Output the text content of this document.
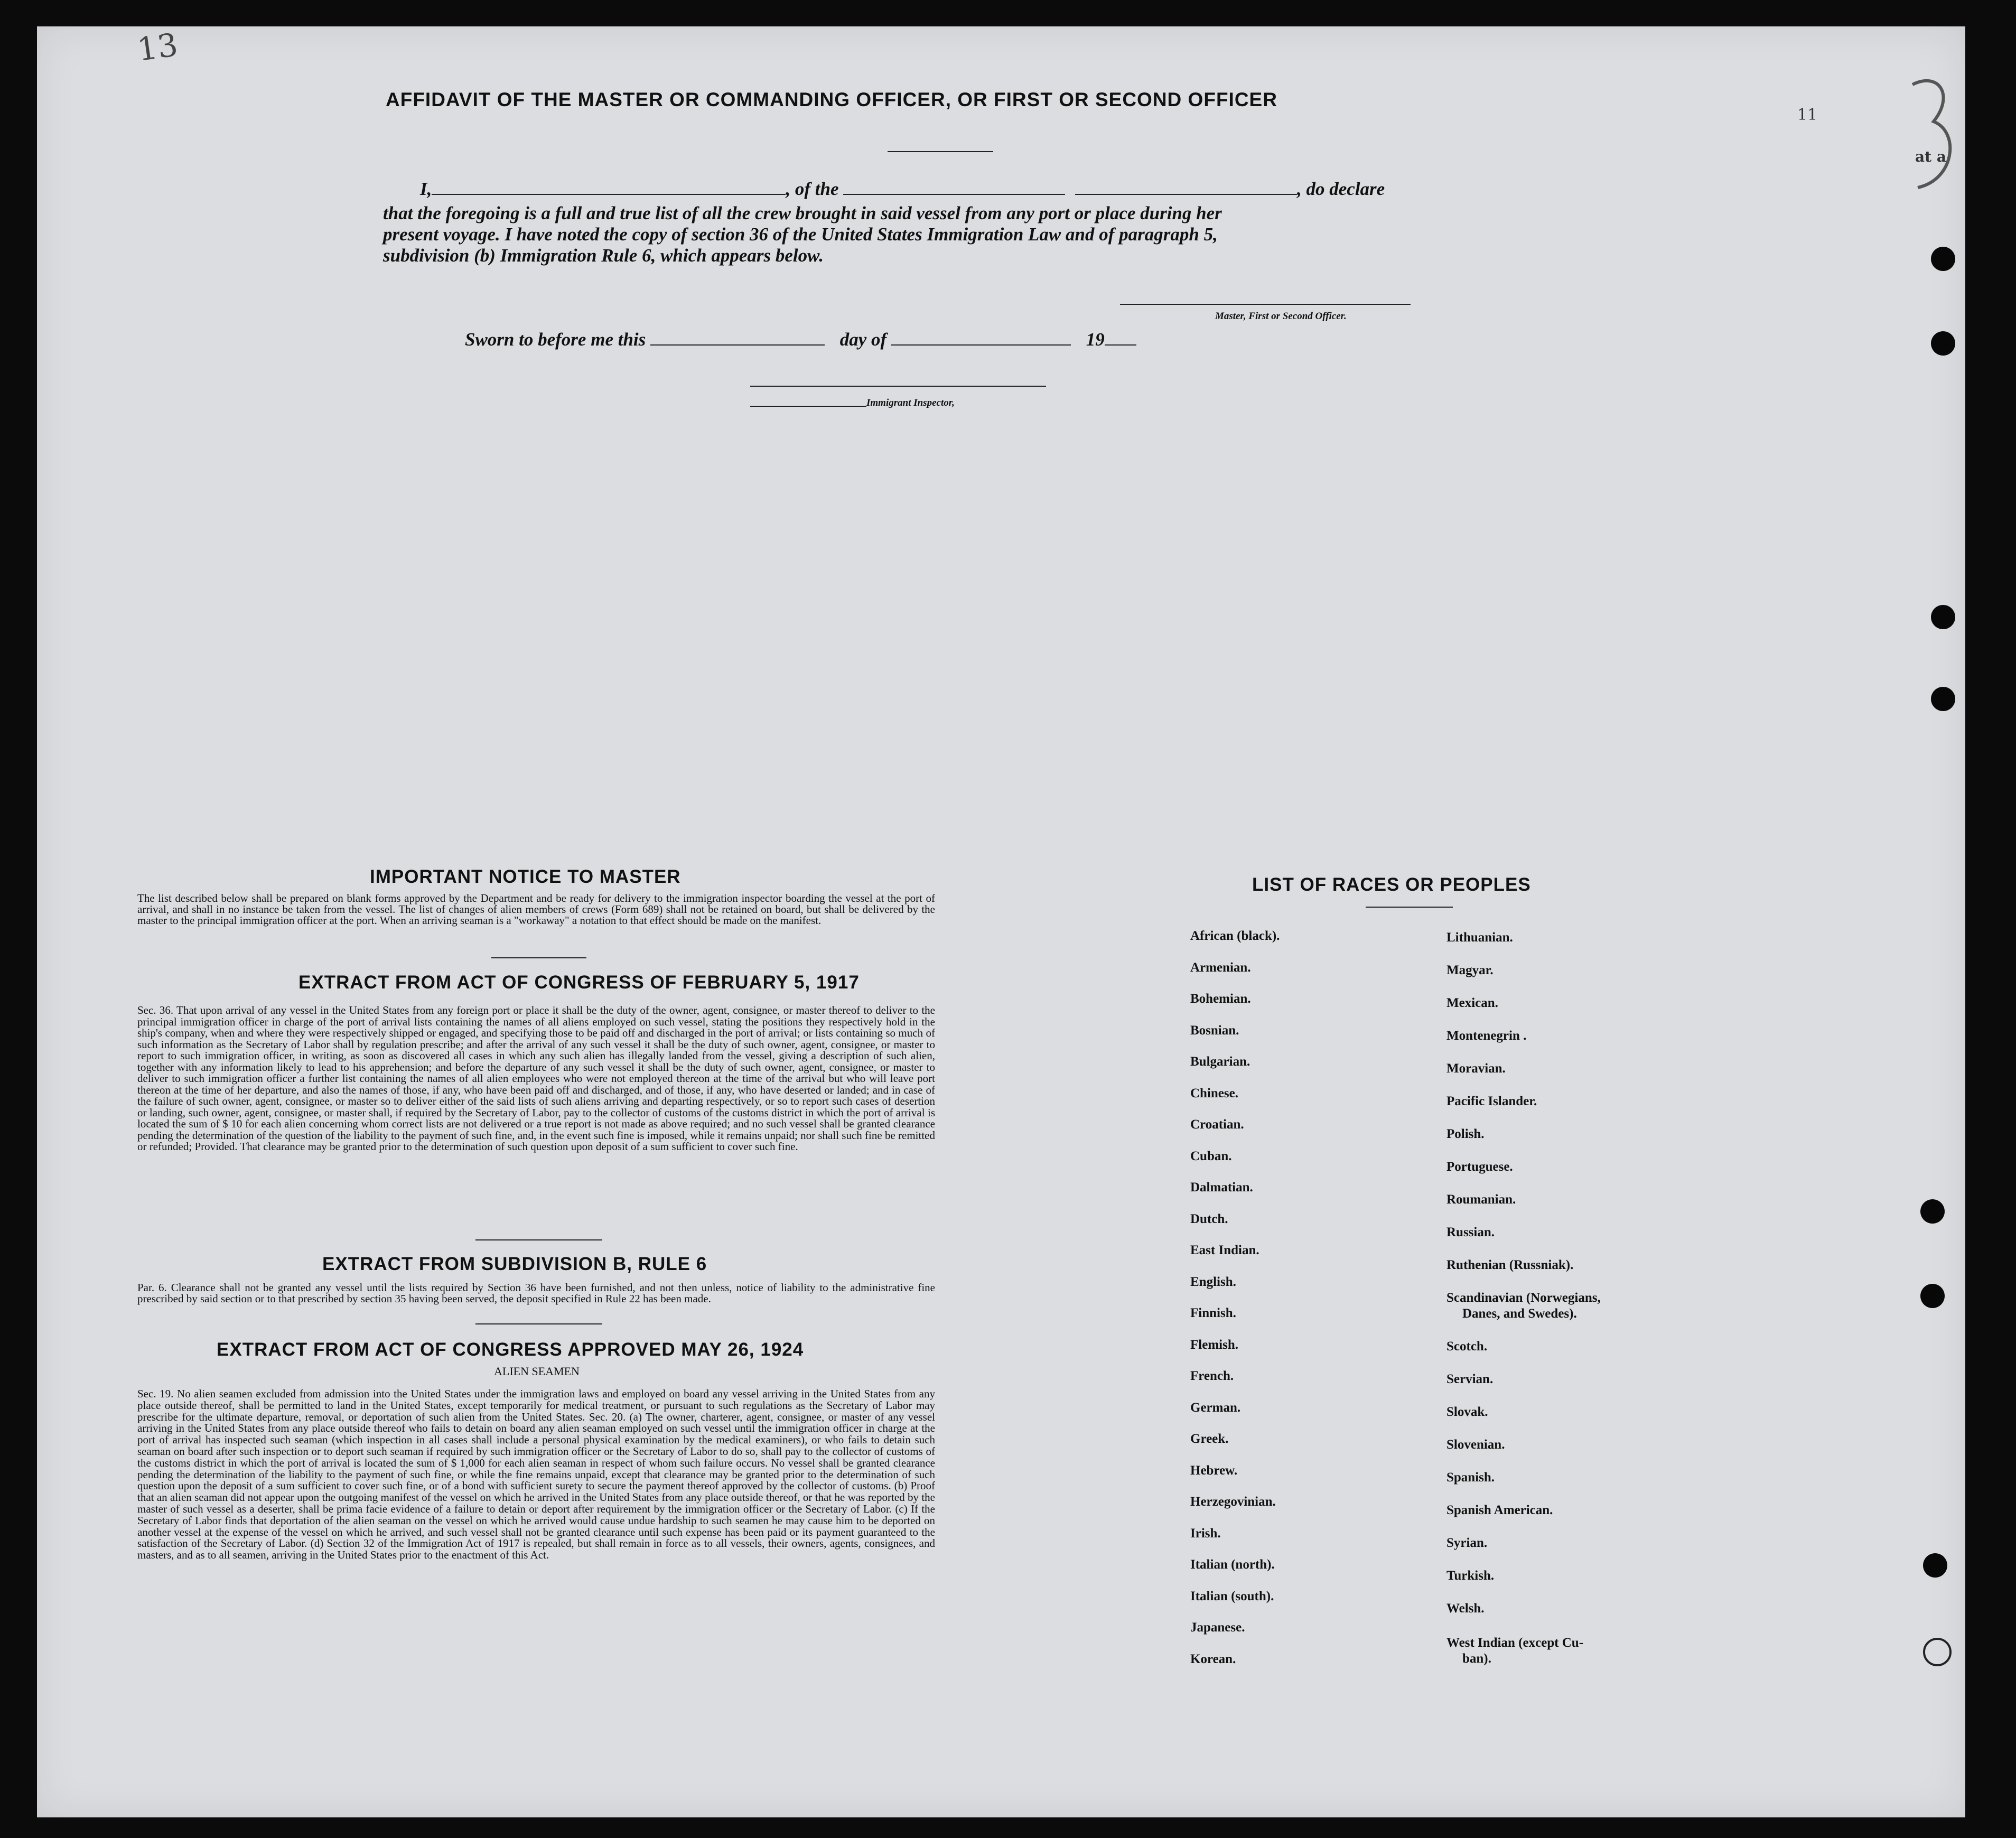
13
11
at a
AFFIDAVIT OF THE MASTER OR COMMANDING OFFICER, OR FIRST OR SECOND OFFICER
I,	, of the	, do declare
that the foregoing is a full and true list of all the crew brought in said vessel from any port or place during her
present voyage. I have noted the copy of section 36 of the United States Immigration Law and of paragraph 5,
subdivision (b) Immigration Rule 6, which appears below.
Master, First or Second Officer.
Sworn to before me this	day of	19
Immigrant Inspector,
IMPORTANT NOTICE TO MASTER
The list described below shall be prepared on blank forms approved by the Department and be ready for delivery to the immigration inspector boarding the vessel at the port of arrival, and shall in no instance be taken from the vessel. The list of changes of alien members of crews (Form 689) shall not be retained on board, but shall be delivered by the master to the principal immigration officer at the port. When an arriving seaman is a "workaway" a notation to that effect should be made on the manifest.
EXTRACT FROM ACT OF CONGRESS OF FEBRUARY 5, 1917
Sec. 36. That upon arrival of any vessel in the United States from any foreign port or place it shall be the duty of the owner, agent, consignee, or master thereof to deliver to the principal immigration officer in charge of the port of arrival lists containing the names of all aliens employed on such vessel, stating the positions they respectively hold in the ship's company, when and where they were respectively shipped or engaged, and specifying those to be paid off and discharged in the port of arrival; or lists containing so much of such information as the Secretary of Labor shall by regulation prescribe; and after the arrival of any such vessel it shall be the duty of such owner, agent, consignee, or master to report to such immigration officer, in writing, as soon as discovered all cases in which any such alien has illegally landed from the vessel, giving a description of such alien, together with any information likely to lead to his apprehension; and before the departure of any such vessel it shall be the duty of such owner, agent, consignee, or master to deliver to such immigration officer a further list containing the names of all alien employees who were not employed thereon at the time of the arrival but who will leave port thereon at the time of her departure, and also the names of those, if any, who have been paid off and discharged, and of those, if any, who have deserted or landed; and in case of the failure of such owner, agent, consignee, or master so to deliver either of the said lists of such aliens arriving and departing respectively, or so to report such cases of desertion or landing, such owner, agent, consignee, or master shall, if required by the Secretary of Labor, pay to the collector of customs of the customs district in which the port of arrival is located the sum of $ 10 for each alien concerning whom correct lists are not delivered or a true report is not made as above required; and no such vessel shall be granted clearance pending the determination of the question of the liability to the payment of such fine, and, in the event such fine is imposed, while it remains unpaid; nor shall such fine be remitted or refunded; Provided. That clearance may be granted prior to the determination of such question upon deposit of a sum sufficient to cover such fine.
EXTRACT FROM SUBDIVISION B, RULE 6
Par. 6. Clearance shall not be granted any vessel until the lists required by Section 36 have been furnished, and not then unless, notice of liability to the administrative fine prescribed by said section or to that prescribed by section 35 having been served, the deposit specified in Rule 22 has been made.
EXTRACT FROM ACT OF CONGRESS APPROVED MAY 26, 1924
ALIEN SEAMEN
Sec. 19. No alien seamen excluded from admission into the United States under the immigration laws and employed on board any vessel arriving in the United States from any place outside thereof, shall be permitted to land in the United States, except temporarily for medical treatment, or pursuant to such regulations as the Secretary of Labor may prescribe for the ultimate departure, removal, or deportation of such alien from the United States. Sec. 20. (a) The owner, charterer, agent, consignee, or master of any vessel arriving in the United States from any place outside thereof who fails to detain on board any alien seaman employed on such vessel until the immigration officer in charge at the port of arrival has inspected such seaman (which inspection in all cases shall include a personal physical examination by the medical examiners), or who fails to detain such seaman on board after such inspection or to deport such seaman if required by such immigration officer or the Secretary of Labor to do so, shall pay to the collector of customs of the customs district in which the port of arrival is located the sum of $ 1,000 for each alien seaman in respect of whom such failure occurs. No vessel shall be granted clearance pending the determination of the liability to the payment of such fine, or while the fine remains unpaid, except that clearance may be granted prior to the determination of such question upon the deposit of a sum sufficient to cover such fine, or of a bond with sufficient surety to secure the payment thereof approved by the collector of customs. (b) Proof that an alien seaman did not appear upon the outgoing manifest of the vessel on which he arrived in the United States from any place outside thereof, or that he was reported by the master of such vessel as a deserter, shall be prima facie evidence of a failure to detain or deport after requirement by the immigration officer or the Secretary of Labor. (c) If the Secretary of Labor finds that deportation of the alien seaman on the vessel on which he arrived would cause undue hardship to such seamen he may cause him to be deported on another vessel at the expense of the vessel on which he arrived, and such vessel shall not be granted clearance until such expense has been paid or its payment guaranteed to the satisfaction of the Secretary of Labor. (d) Section 32 of the Immigration Act of 1917 is repealed, but shall remain in force as to all vessels, their owners, agents, consignees, and masters, and as to all seamen, arriving in the United States prior to the enactment of this Act.
LIST OF RACES OR PEOPLES
African (black).
Armenian.
Bohemian.
Bosnian.
Bulgarian.
Chinese.
Croatian.
Cuban.
Dalmatian.
Dutch.
East Indian.
English.
Finnish.
Flemish.
French.
German.
Greek.
Hebrew.
Herzegovinian.
Irish.
Italian (north).
Italian (south).
Japanese.
Korean.
Lithuanian.
Magyar.
Mexican.
Montenegrin .
Moravian.
Pacific Islander.
Polish.
Portuguese.
Roumanian.
Russian.
Ruthenian (Russniak).
Scandinavian (Norwegians,
Danes, and Swedes).
Scotch.
Servian.
Slovak.
Slovenian.
Spanish.
Spanish American.
Syrian.
Turkish.
Welsh.
West Indian (except Cu-
ban).
